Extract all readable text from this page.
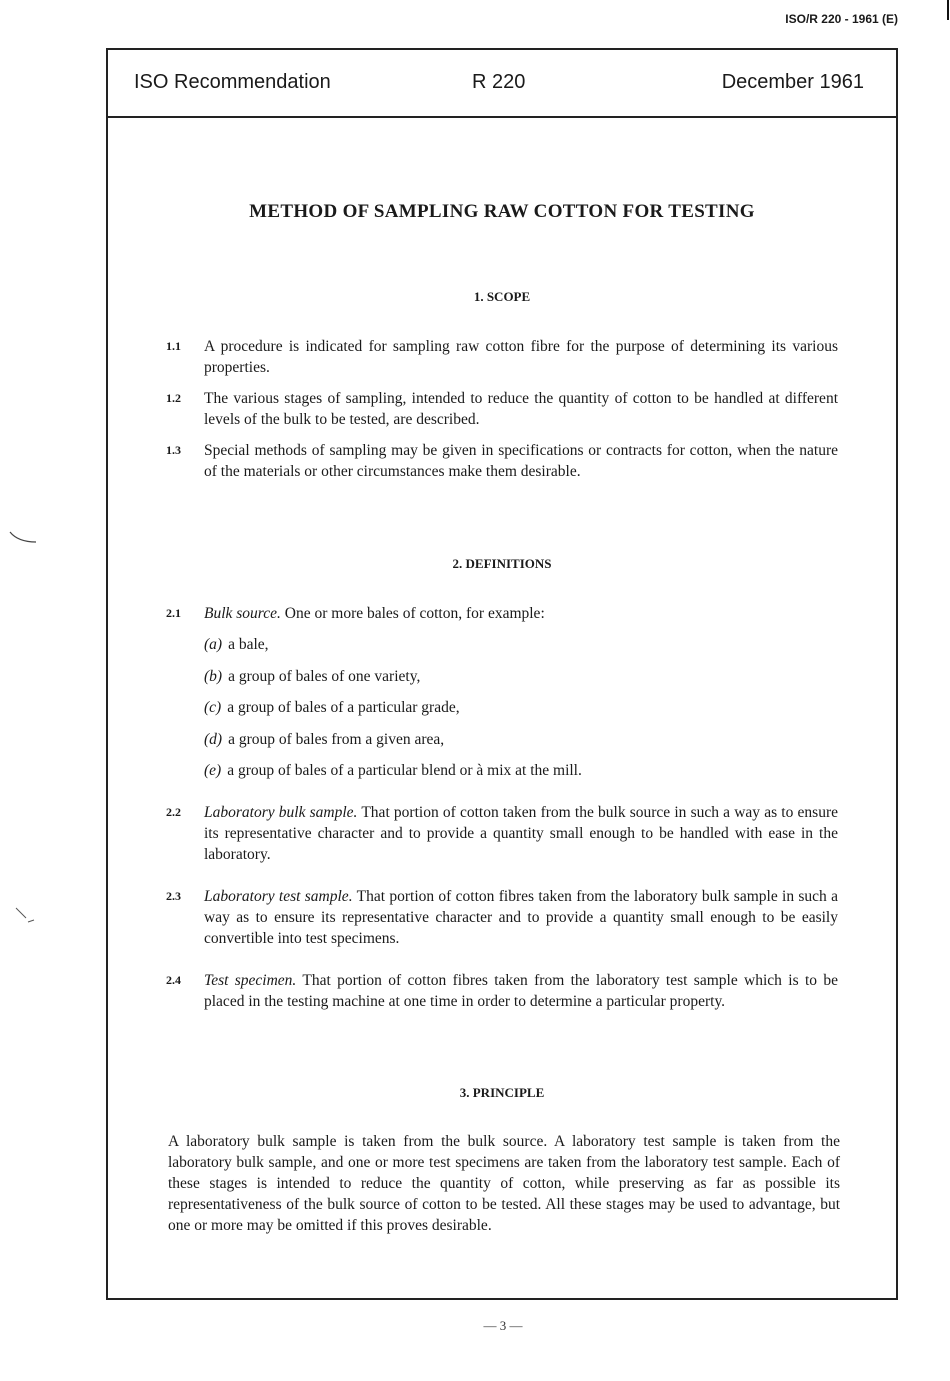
ISO/R 220 - 1961 (E)
ISO Recommendation	R 220	December 1961
METHOD OF SAMPLING RAW COTTON FOR TESTING
1. SCOPE
1.1 A procedure is indicated for sampling raw cotton fibre for the purpose of determining its various properties.
1.2 The various stages of sampling, intended to reduce the quantity of cotton to be handled at different levels of the bulk to be tested, are described.
1.3 Special methods of sampling may be given in specifications or contracts for cotton, when the nature of the materials or other circumstances make them desirable.
2. DEFINITIONS
2.1 Bulk source. One or more bales of cotton, for example:
(a) a bale,
(b) a group of bales of one variety,
(c) a group of bales of a particular grade,
(d) a group of bales from a given area,
(e) a group of bales of a particular blend or à mix at the mill.
2.2 Laboratory bulk sample. That portion of cotton taken from the bulk source in such a way as to ensure its representative character and to provide a quantity small enough to be handled with ease in the laboratory.
2.3 Laboratory test sample. That portion of cotton fibres taken from the laboratory bulk sample in such a way as to ensure its representative character and to provide a quantity small enough to be easily convertible into test specimens.
2.4 Test specimen. That portion of cotton fibres taken from the laboratory test sample which is to be placed in the testing machine at one time in order to determine a particular property.
3. PRINCIPLE
A laboratory bulk sample is taken from the bulk source. A laboratory test sample is taken from the laboratory bulk sample, and one or more test specimens are taken from the laboratory test sample. Each of these stages is intended to reduce the quantity of cotton, while preserving as far as possible its representativeness of the bulk source of cotton to be tested. All these stages may be used to advantage, but one or more may be omitted if this proves desirable.
— 3 —
